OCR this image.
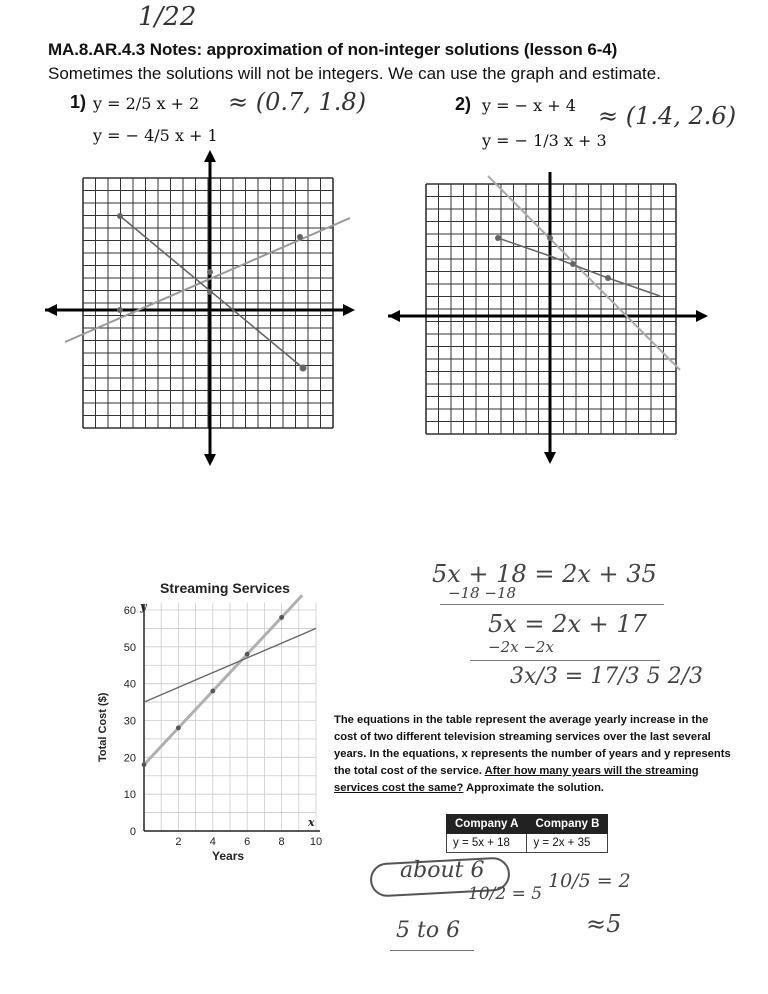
1/22
MA.8.AR.4.3 Notes: approximation of non-integer solutions (lesson 6-4)
Sometimes the solutions will not be integers. We can use the graph and estimate.
1) y = 2/5 x + 2
y = − 4/5 x + 1
≈ (0.7, 1.8)	2) y = − x + 4
y = − 1/3 x + 3
≈ (1.4, 2.6)
2	4	6	8 10
0
10
20
30
40
50
60
Streaming Services
Years
Total Cost ($)
y
x
5x + 18 = 2x + 35
−18 −18
5x = 2x + 17
−2x −2x
3x/3 = 17/3 5 2/3
The equations in the table represent the average yearly increase in the cost of two different television streaming services over the last several years. In the equations, x represents the number of years and y represents the total cost of the service. After how many years will the streaming services cost the same? Approximate the solution.
Company A	Company B
y = 5x + 18	y = 2x + 35
about 6
10/2 = 5
10/5 = 2
5 to 6	≈5
